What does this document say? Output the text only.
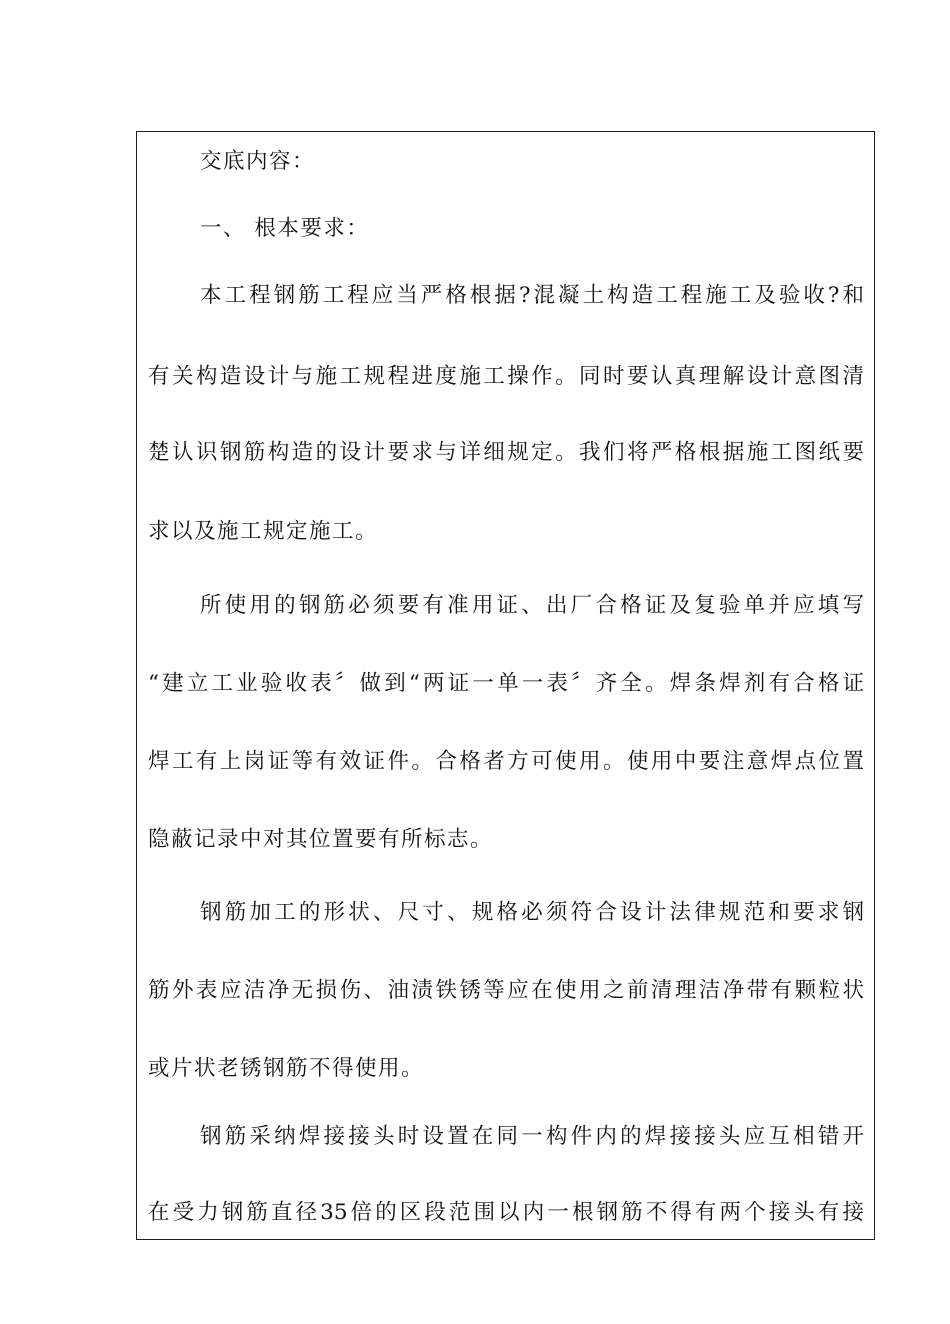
交底内容：
一、 根本要求：
本工程钢筋工程应当严格根据?混凝土构造工程施工及验收?和
有关构造设计与施工规程进度施工操作。同时要认真理解设计意图清
楚认识钢筋构造的设计要求与详细规定。我们将严格根据施工图纸要
求以及施工规定施工。
所使用的钢筋必须要有准用证、出厂合格证及复验单并应填写
“建立工业验收表〞做到“两证一单一表〞齐全。焊条焊剂有合格证
焊工有上岗证等有效证件。合格者方可使用。使用中要注意焊点位置
隐蔽记录中对其位置要有所标志。
钢筋加工的形状、尺寸、规格必须符合设计法律规范和要求钢
筋外表应洁净无损伤、油渍铁锈等应在使用之前清理洁净带有颗粒状
或片状老锈钢筋不得使用。
钢筋采纳焊接接头时设置在同一构件内的焊接接头应互相错开
在受力钢筋直径35倍的区段范围以内一根钢筋不得有两个接头有接
